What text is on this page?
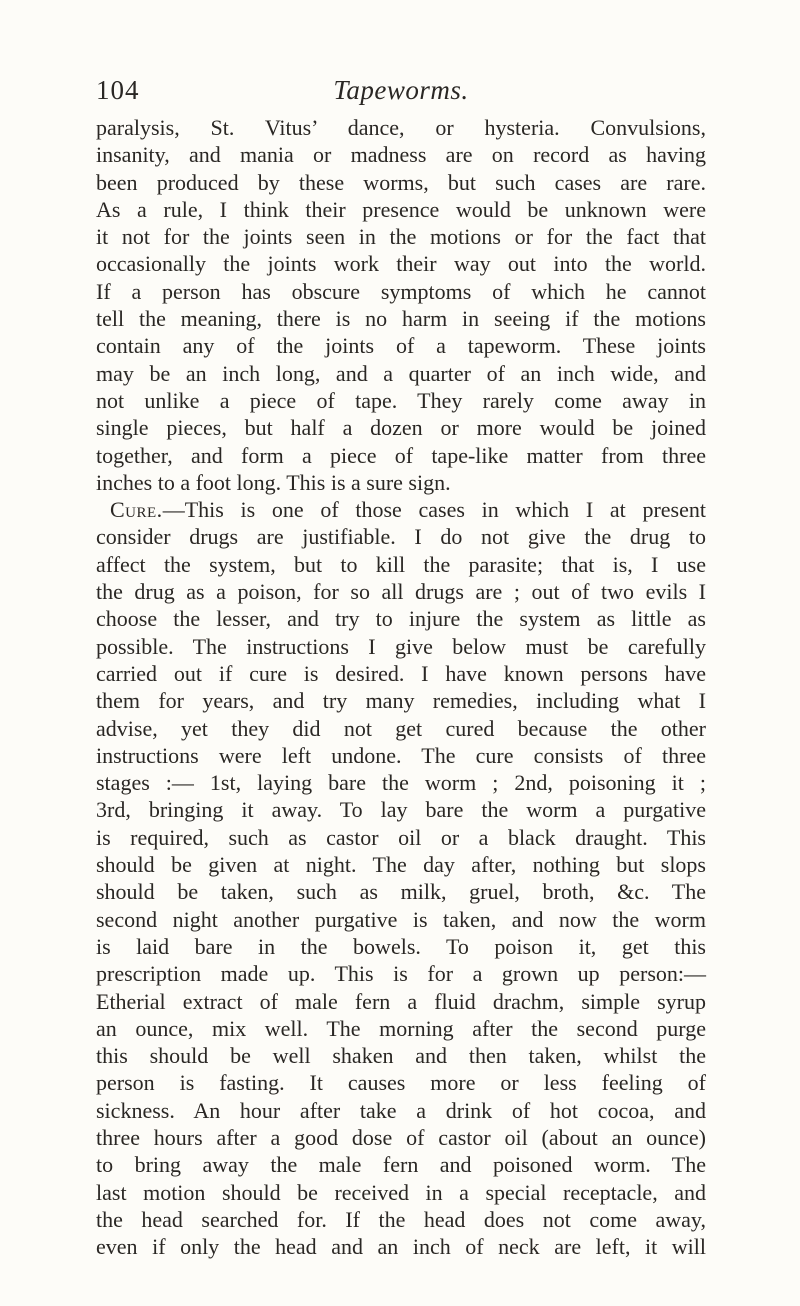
104	Tapeworms.
paralysis, St. Vitus’ dance, or hysteria. Convulsions,
insanity, and mania or madness are on record as having
been produced by these worms, but such cases are rare.
As a rule, I think their presence would be unknown were
it not for the joints seen in the motions or for the fact that
occasionally the joints work their way out into the world.
If a person has obscure symptoms of which he cannot
tell the meaning, there is no harm in seeing if the motions
contain any of the joints of a tapeworm. These joints
may be an inch long, and a quarter of an inch wide, and
not unlike a piece of tape. They rarely come away in
single pieces, but half a dozen or more would be joined
together, and form a piece of tape-like matter from three
inches to a foot long. This is a sure sign.
Cure.—This is one of those cases in which I at present
consider drugs are justifiable. I do not give the drug to
affect the system, but to kill the parasite; that is, I use
the drug as a poison, for so all drugs are ; out of two evils I
choose the lesser, and try to injure the system as little as
possible. The instructions I give below must be carefully
carried out if cure is desired. I have known persons have
them for years, and try many remedies, including what I
advise, yet they did not get cured because the other
instructions were left undone. The cure consists of three
stages :— 1st, laying bare the worm ; 2nd, poisoning it ;
3rd, bringing it away. To lay bare the worm a purgative
is required, such as castor oil or a black draught. This
should be given at night. The day after, nothing but slops
should be taken, such as milk, gruel, broth, &c. The
second night another purgative is taken, and now the worm
is laid bare in the bowels. To poison it, get this
prescription made up. This is for a grown up person:—
Etherial extract of male fern a fluid drachm, simple syrup
an ounce, mix well. The morning after the second purge
this should be well shaken and then taken, whilst the
person is fasting. It causes more or less feeling of
sickness. An hour after take a drink of hot cocoa, and
three hours after a good dose of castor oil (about an ounce)
to bring away the male fern and poisoned worm. The
last motion should be received in a special receptacle, and
the head searched for. If the head does not come away,
even if only the head and an inch of neck are left, it will
